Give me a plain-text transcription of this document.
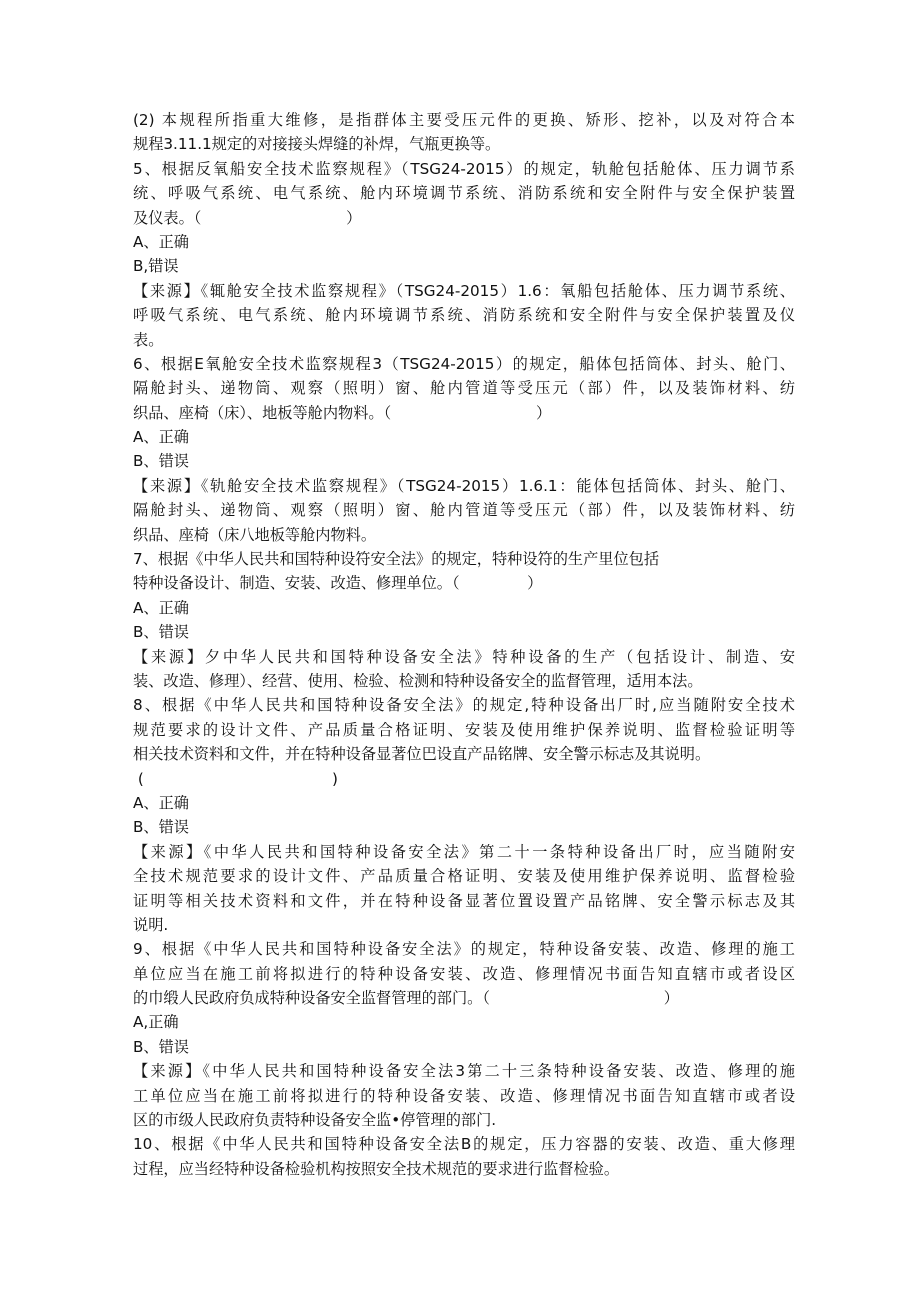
(2) 本规程所指重大维修，是指群体主要受压元件的更换、矫形、挖补，以及对符合本
规程3.11.1规定的对接接头焊缝的补焊，气瓶更换等。
5、根据反氧船安全技术监察规程》（TSG24-2015）的规定，轨舱包括舱体、压力调节系
统、呼吸气系统、电气系统、舱内环境调节系统、消防系统和安全附件与安全保护装置
及仪表。（                              ）
A、正确
B,错误
【来源】《辄舱安全技术监察规程》（TSG24-2015）1.6：氧船包括舱体、压力调节系统、
呼吸气系统、电气系统、舱内环境调节系统、消防系统和安全附件与安全保护装置及仪
表。
6、根据E氧舱安全技术监察规程3（TSG24-2015）的规定，船体包括筒体、封头、舱门、
隔舱封头、递物筒、观察（照明）窗、舱内管道等受压元（部）件，以及装饰材料、纺
织品、座椅（床）、地板等舱内物料。（                              ）
A、正确
B、错误
【来源】《轨舱安全技术监察规程》（TSG24-2015）1.6.1：能体包括筒体、封头、舱门、
隔舱封头、递物筒、观察（照明）窗、舱内管道等受压元（部）件，以及装饰材料、纺
织品、座椅（床八地板等舱内物料。
7、根据《中华人民共和国特种设符安全法》的规定，特种设符的生产里位包括
特种设备设计、制造、安装、改造、修理单位。（              ）
A、正确
B、错误
【来源】夕中华人民共和国特种设备安全法》特种设备的生产（包括设计、制造、安
装、改造、修理）、经营、使用、检验、检测和特种设备安全的监督管理，适用本法。
8、根据《中华人民共和国特种设备安全法》的规定,特种设备出厂时,应当随附安全技术
规范要求的设计文件、产品质量合格证明、安装及使用维护保养说明、监督检验证明等
相关技术资料和文件，并在特种设备显著位巴设直产品铭牌、安全警示标志及其说明。
(                                       )
A、正确
B、错误
【来源】《中华人民共和国特种设备安全法》第二十一条特种设备出厂时，应当随附安
全技术规范要求的设计文件、产品质量合格证明、安装及使用维护保养说明、监督检验
证明等相关技术资料和文件，并在特种设备显著位置设置产品铭牌、安全警示标志及其
说明.
9、根据《中华人民共和国特种设备安全法》的规定，特种设备安装、改造、修理的施工
单位应当在施工前将拟进行的特种设备安装、改造、修理情况书面告知直辖市或者设区
的巾缎人民政府负成特种设备安全监督管理的部门。（                                    ）
A,正确
B、错误
【来源】《中华人民共和国特种设备安全法3第二十三条特种设备安装、改造、修理的施
工单位应当在施工前将拟进行的特种设备安装、改造、修理情况书面告知直辖市或者设
区的市级人民政府负责特种设备安全监•停管理的部门.
10、根据《中华人民共和国特种设备安全法B的规定，压力容器的安装、改造、重大修理
过程，应当经特种设备检验机构按照安全技术规范的要求进行监督检验。
